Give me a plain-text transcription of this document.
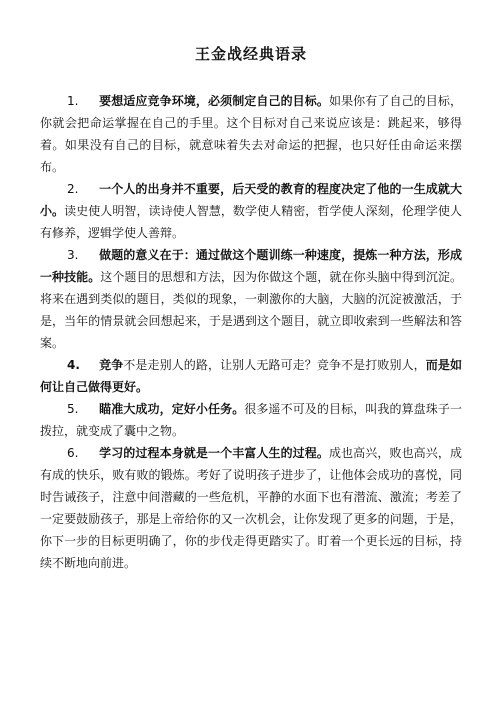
王金战经典语录

1. 要想适应竞争环境，必须制定自己的目标。如果你有了自己的目标，你就会把命运掌握在自己的手里。这个目标对自己来说应该是：跳起来，够得着。如果没有自己的目标，就意味着失去对命运的把握，也只好任由命运来摆布。

2. 一个人的出身并不重要，后天受的教育的程度决定了他的一生成就大小。读史使人明智，读诗使人智慧，数学使人精密，哲学使人深刻，伦理学使人有修养，逻辑学使人善辩。

3. 做题的意义在于：通过做这个题训练一种速度，提炼一种方法，形成一种技能。这个题目的思想和方法，因为你做这个题，就在你头脑中得到沉淀。将来在遇到类似的题目，类似的现象，一刺激你的大脑，大脑的沉淀被激活，于是，当年的情景就会回想起来，于是遇到这个题目，就立即收索到一些解法和答案。

4. 竞争不是走别人的路，让别人无路可走？竞争不是打败别人，而是如何让自己做得更好。

5. 瞄准大成功，定好小任务。很多遥不可及的目标，叫我的算盘珠子一拨拉，就变成了囊中之物。

6. 学习的过程本身就是一个丰富人生的过程。成也高兴，败也高兴，成有成的快乐，败有败的锻炼。考好了说明孩子进步了，让他体会成功的喜悦，同时告诫孩子，注意中间潜藏的一些危机，平静的水面下也有潜流、激流；考差了一定要鼓励孩子，那是上帝给你的又一次机会，让你发现了更多的问题，于是，你下一步的目标更明确了，你的步伐走得更踏实了。盯着一个更长远的目标，持续不断地向前进。
